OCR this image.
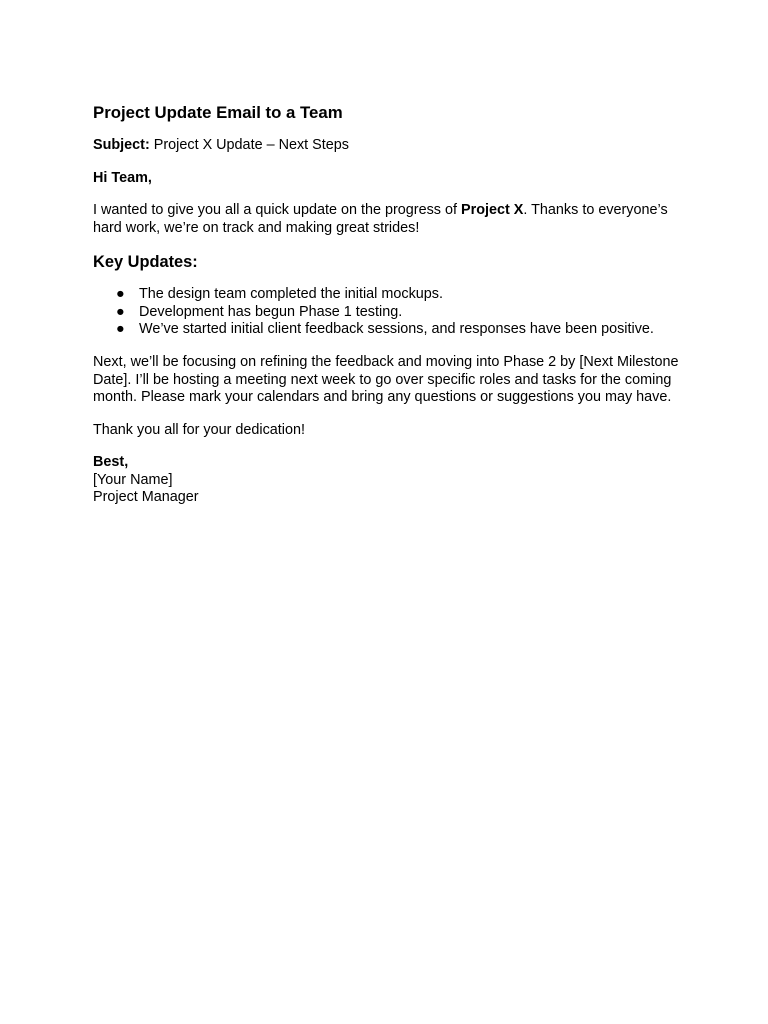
Project Update Email to a Team
Subject: Project X Update – Next Steps
Hi Team,
I wanted to give you all a quick update on the progress of Project X. Thanks to everyone’s hard work, we’re on track and making great strides!
Key Updates:
● The design team completed the initial mockups.
● Development has begun Phase 1 testing.
● We’ve started initial client feedback sessions, and responses have been positive.
Next, we’ll be focusing on refining the feedback and moving into Phase 2 by [Next Milestone Date]. I’ll be hosting a meeting next week to go over specific roles and tasks for the coming month. Please mark your calendars and bring any questions or suggestions you may have.
Thank you all for your dedication!
Best,
[Your Name]
Project Manager
